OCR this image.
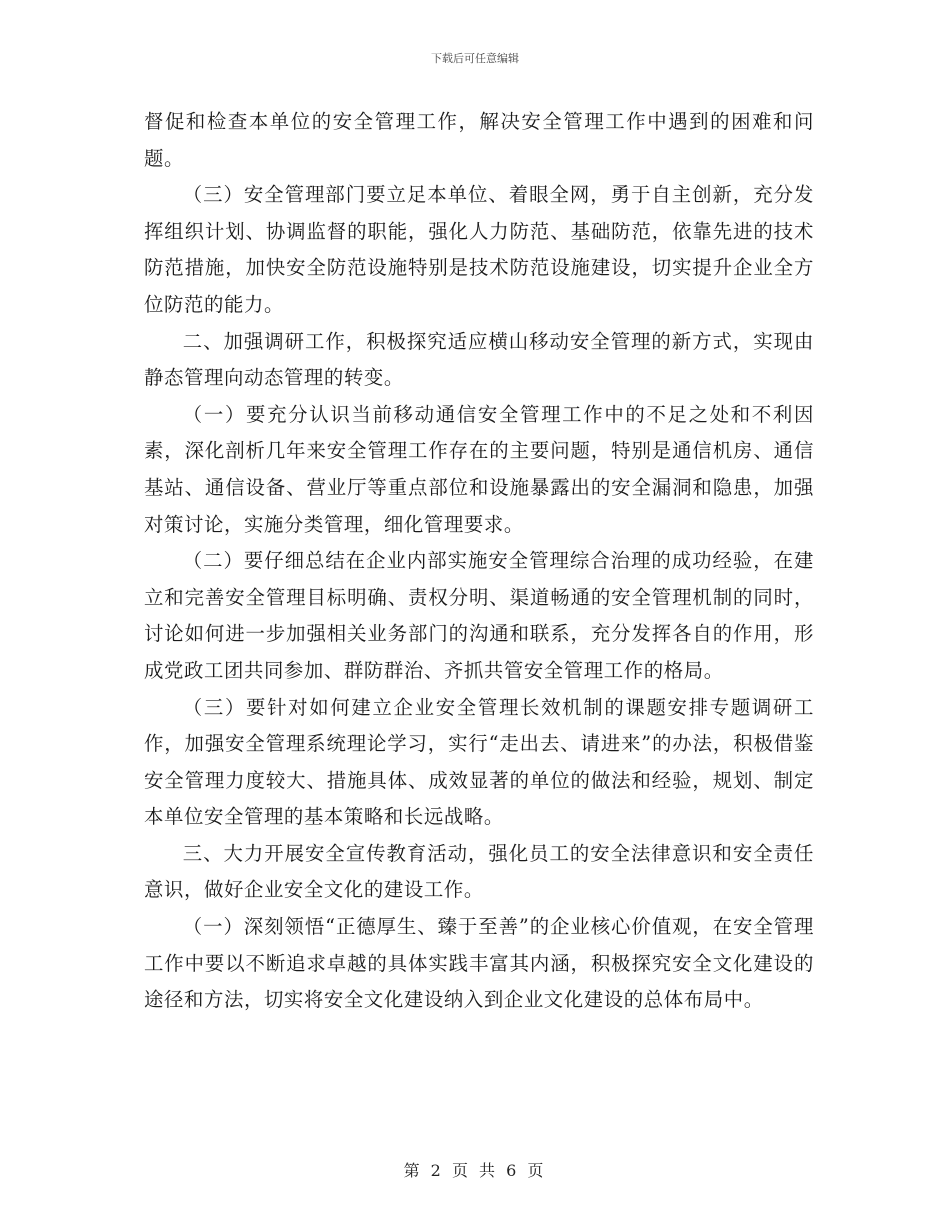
下载后可任意编辑

督促和检查本单位的安全管理工作，解决安全管理工作中遇到的困难和问题。

（三）安全管理部门要立足本单位、着眼全网，勇于自主创新，充分发挥组织计划、协调监督的职能，强化人力防范、基础防范，依靠先进的技术防范措施，加快安全防范设施特别是技术防范设施建设，切实提升企业全方位防范的能力。

二、加强调研工作，积极探究适应横山移动安全管理的新方式，实现由静态管理向动态管理的转变。

（一）要充分认识当前移动通信安全管理工作中的不足之处和不利因素，深化剖析几年来安全管理工作存在的主要问题，特别是通信机房、通信基站、通信设备、营业厅等重点部位和设施暴露出的安全漏洞和隐患，加强对策讨论，实施分类管理，细化管理要求。

（二）要仔细总结在企业内部实施安全管理综合治理的成功经验，在建立和完善安全管理目标明确、责权分明、渠道畅通的安全管理机制的同时，讨论如何进一步加强相关业务部门的沟通和联系，充分发挥各自的作用，形成党政工团共同参加、群防群治、齐抓共管安全管理工作的格局。

（三）要针对如何建立企业安全管理长效机制的课题安排专题调研工作，加强安全管理系统理论学习，实行“走出去、请进来”的办法，积极借鉴安全管理力度较大、措施具体、成效显著的单位的做法和经验，规划、制定本单位安全管理的基本策略和长远战略。

三、大力开展安全宣传教育活动，强化员工的安全法律意识和安全责任意识，做好企业安全文化的建设工作。

（一）深刻领悟“正德厚生、臻于至善”的企业核心价值观，在安全管理工作中要以不断追求卓越的具体实践丰富其内涵，积极探究安全文化建设的途径和方法，切实将安全文化建设纳入到企业文化建设的总体布局中。

第 2 页 共 6 页
